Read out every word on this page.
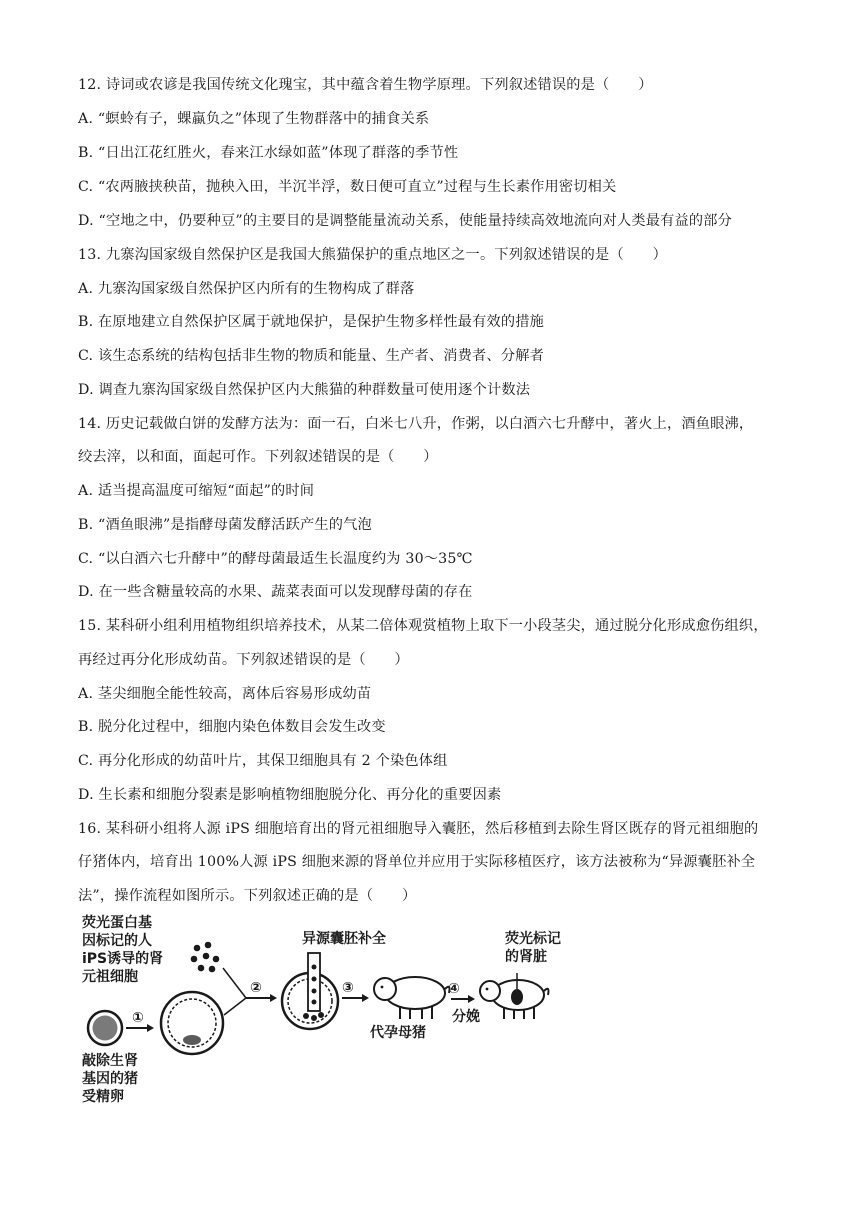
12. 诗词或农谚是我国传统文化瑰宝，其中蕴含着生物学原理。下列叙述错误的是（　　）
A. “螟蛉有子，蜾蠃负之”体现了生物群落中的捕食关系
B. “日出江花红胜火，春来江水绿如蓝”体现了群落的季节性
C. “农两腋挟秧苗，抛秧入田，半沉半浮，数日便可直立”过程与生长素作用密切相关
D. “空地之中，仍要种豆”的主要目的是调整能量流动关系，使能量持续高效地流向对人类最有益的部分
13. 九寨沟国家级自然保护区是我国大熊猫保护的重点地区之一。下列叙述错误的是（　　）
A. 九寨沟国家级自然保护区内所有的生物构成了群落
B. 在原地建立自然保护区属于就地保护，是保护生物多样性最有效的措施
C. 该生态系统的结构包括非生物的物质和能量、生产者、消费者、分解者
D. 调查九寨沟国家级自然保护区内大熊猫的种群数量可使用逐个计数法
14. 历史记载做白饼的发酵方法为：面一石，白米七八升，作粥，以白酒六七升酵中，著火上，酒鱼眼沸，
绞去滓，以和面，面起可作。下列叙述错误的是（　　）
A. 适当提高温度可缩短“面起”的时间
B. “酒鱼眼沸”是指酵母菌发酵活跃产生的气泡
C. “以白酒六七升酵中”的酵母菌最适生长温度约为 30～35℃
D. 在一些含糖量较高的水果、蔬菜表面可以发现酵母菌的存在
15. 某科研小组利用植物组织培养技术，从某二倍体观赏植物上取下一小段茎尖，通过脱分化形成愈伤组织，
再经过再分化形成幼苗。下列叙述错误的是（　　）
A. 茎尖细胞全能性较高，离体后容易形成幼苗
B. 脱分化过程中，细胞内染色体数目会发生改变
C. 再分化形成的幼苗叶片，其保卫细胞具有 2 个染色体组
D. 生长素和细胞分裂素是影响植物细胞脱分化、再分化的重要因素
16. 某科研小组将人源 iPS 细胞培育出的肾元祖细胞导入囊胚，然后移植到去除生肾区既存的肾元祖细胞的
仔猪体内，培育出 100%人源 iPS 细胞来源的肾单位并应用于实际移植医疗，该方法被称为“异源囊胚补全
法”，操作流程如图所示。下列叙述正确的是（　　）
荧光蛋白基
因标记的人
iPS诱导的肾
元祖细胞
敲除生肾
基因的猪
受精卵
①
②
异源囊胚补全
③
代孕母猪
④
分娩
荧光标记
的肾脏
